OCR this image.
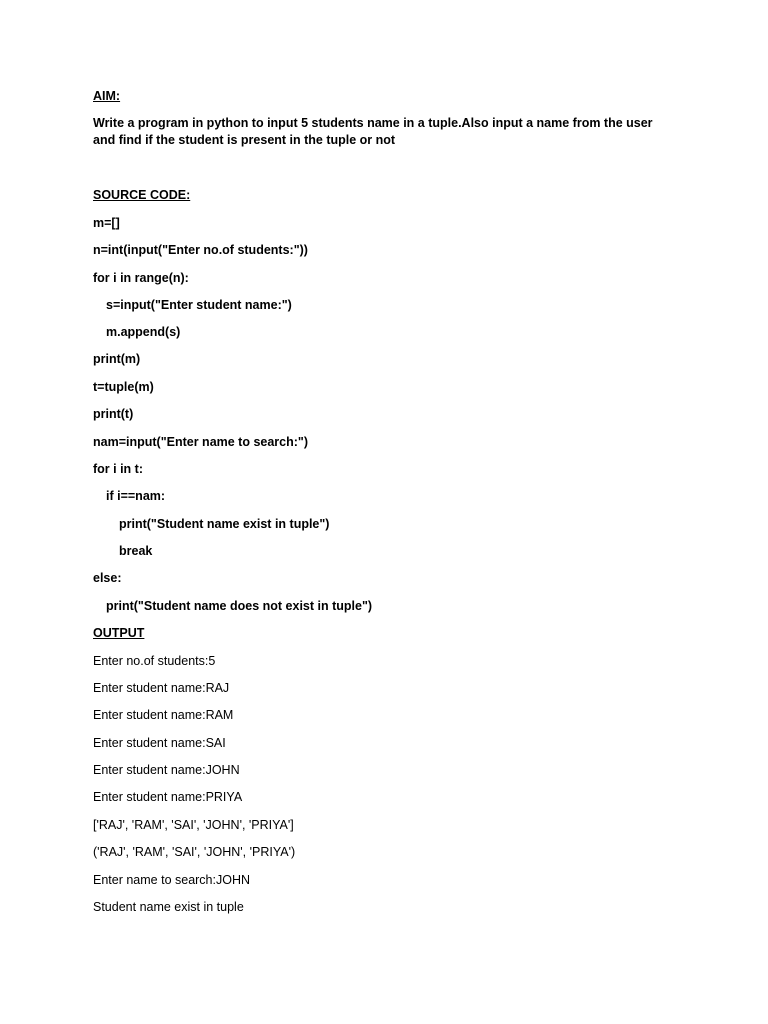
AIM:
Write a program in python to input 5 students name in a tuple.Also input a name from the user and find if the student is present in the tuple or not
SOURCE CODE:
m=[]
n=int(input("Enter no.of students:"))
for i in range(n):
s=input("Enter student name:")
m.append(s)
print(m)
t=tuple(m)
print(t)
nam=input("Enter name to search:")
for i in t:
if i==nam:
print("Student name exist in tuple")
break
else:
print("Student name does not exist in tuple")
OUTPUT
Enter no.of students:5
Enter student name:RAJ
Enter student name:RAM
Enter student name:SAI
Enter student name:JOHN
Enter student name:PRIYA
['RAJ', 'RAM', 'SAI', 'JOHN', 'PRIYA']
('RAJ', 'RAM', 'SAI', 'JOHN', 'PRIYA')
Enter name to search:JOHN
Student name exist in tuple
